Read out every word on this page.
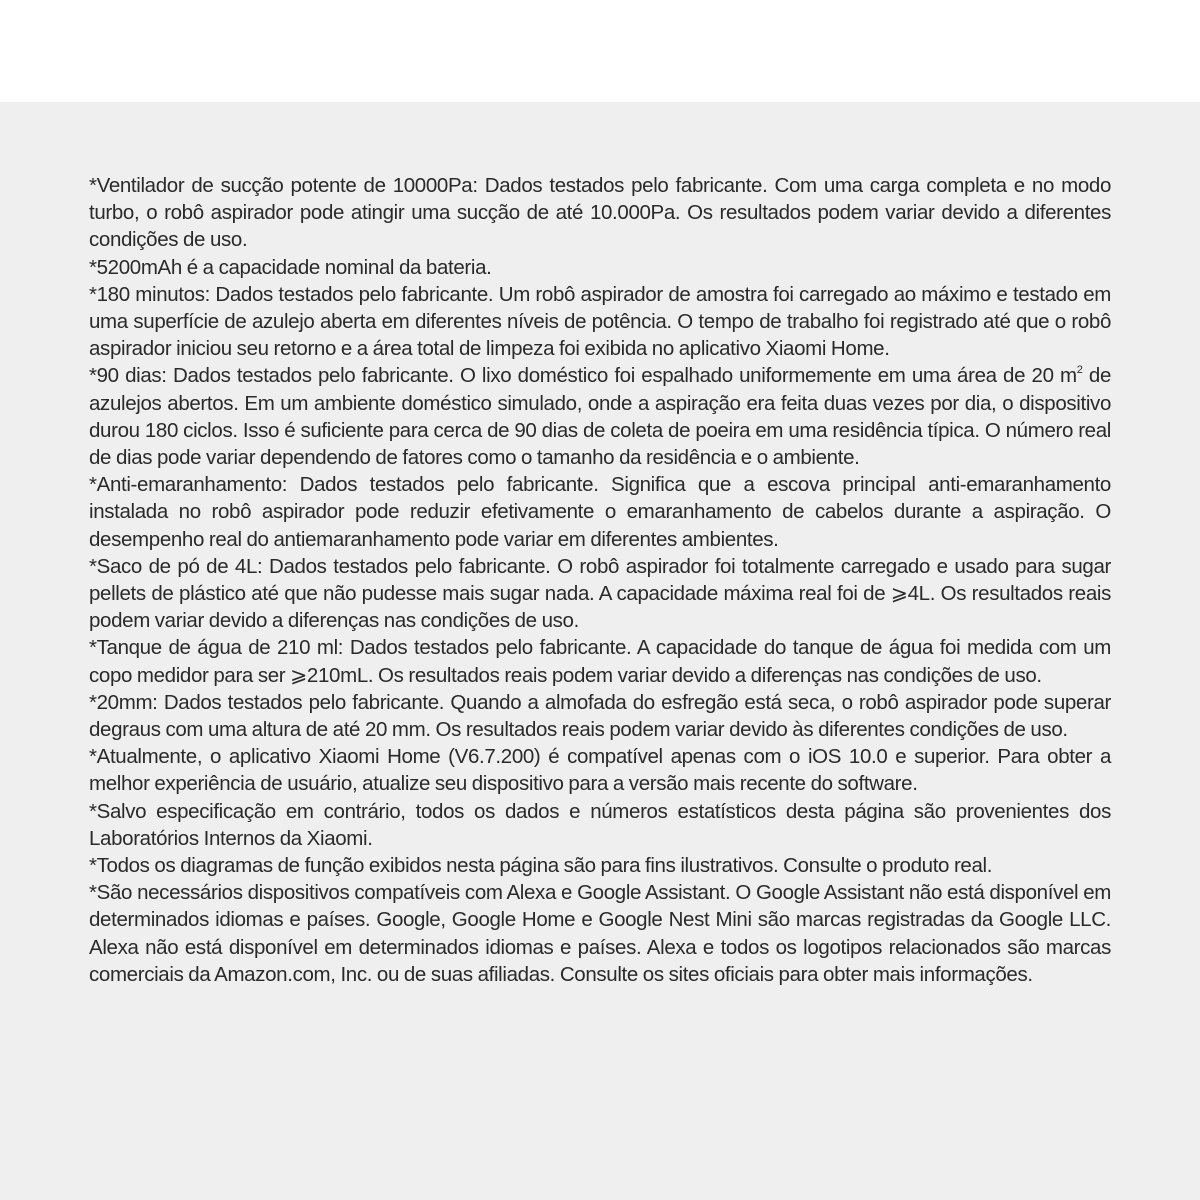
*Ventilador de sucção potente de 10000Pa: Dados testados pelo fabricante. Com uma carga completa e no modo turbo, o robô aspirador pode atingir uma sucção de até 10.000Pa. Os resultados podem variar devido a diferentes condições de uso.

*5200mAh é a capacidade nominal da bateria.

*180 minutos: Dados testados pelo fabricante. Um robô aspirador de amostra foi carregado ao máximo e testado em uma superfície de azulejo aberta em diferentes níveis de potência. O tempo de trabalho foi registrado até que o robô aspirador iniciou seu retorno e a área total de limpeza foi exibida no aplicativo Xiaomi Home.

*90 dias: Dados testados pelo fabricante. O lixo doméstico foi espalhado uniformemente em uma área de 20 $m^2$ de azulejos abertos. Em um ambiente doméstico simulado, onde a aspiração era feita duas vezes por dia, o dispositivo durou 180 ciclos. Isso é suficiente para cerca de 90 dias de coleta de poeira em uma residência típica. O número real de dias pode variar dependendo de fatores como o tamanho da residência e o ambiente.

*Anti-emaranhamento: Dados testados pelo fabricante. Significa que a escova principal anti-emaranhamento instalada no robô aspirador pode reduzir efetivamente o emaranhamento de cabelos durante a aspiração. O desempenho real do antiemaranhamento pode variar em diferentes ambientes.

*Saco de pó de 4L: Dados testados pelo fabricante. O robô aspirador foi totalmente carregado e usado para sugar pellets de plástico até que não pudesse mais sugar nada. A capacidade máxima real foi de ⩾4L. Os resultados reais podem variar devido a diferenças nas condições de uso.

*Tanque de água de 210 ml: Dados testados pelo fabricante. A capacidade do tanque de água foi medida com um copo medidor para ser ⩾210mL. Os resultados reais podem variar devido a diferenças nas condições de uso.

*20mm: Dados testados pelo fabricante. Quando a almofada do esfregão está seca, o robô aspirador pode superar degraus com uma altura de até 20 mm. Os resultados reais podem variar devido às diferentes condições de uso.

*Atualmente, o aplicativo Xiaomi Home (V6.7.200) é compatível apenas com o iOS 10.0 e superior. Para obter a melhor experiência de usuário, atualize seu dispositivo para a versão mais recente do software.

*Salvo especificação em contrário, todos os dados e números estatísticos desta página são provenientes dos Laboratórios Internos da Xiaomi.

*Todos os diagramas de função exibidos nesta página são para fins ilustrativos. Consulte o produto real.

*São necessários dispositivos compatíveis com Alexa e Google Assistant. O Google Assistant não está disponível em determinados idiomas e países. Google, Google Home e Google Nest Mini são marcas registradas da Google LLC. Alexa não está disponível em determinados idiomas e países. Alexa e todos os logotipos relacionados são marcas comerciais da Amazon.com, Inc. ou de suas afiliadas. Consulte os sites oficiais para obter mais informações.
